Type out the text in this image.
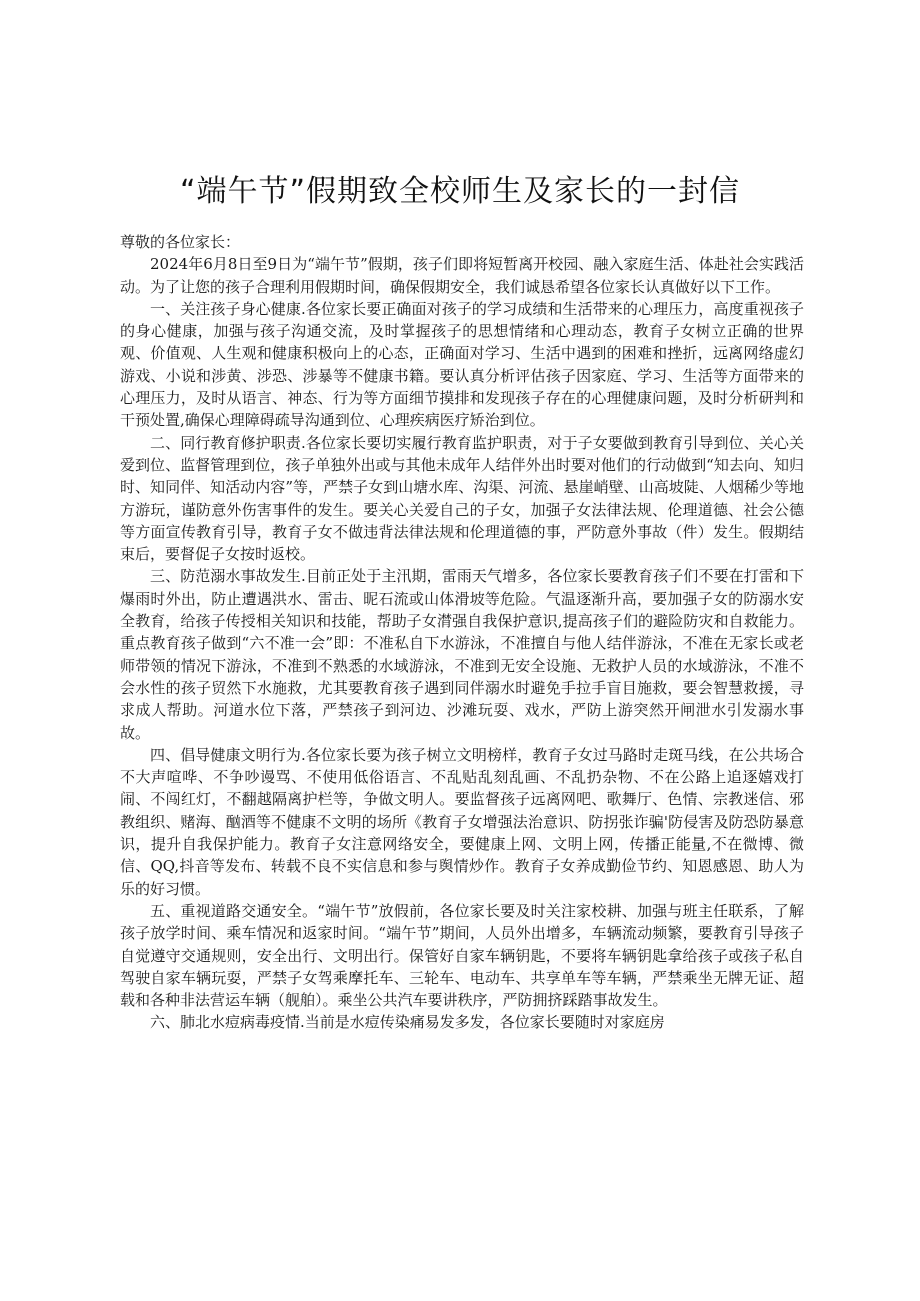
“端午节”假期致全校师生及家长的一封信

尊敬的各位家长：

2024年6月8日至9日为“端午节”假期，孩子们即将短暂离开校园、融入家庭生活、体赴社会实践活动。为了让您的孩子合理利用假期时间，确保假期安全，我们诚恳希望各位家长认真做好以下工作。

一、关注孩子身心健康.各位家长要正确面对孩子的学习成绩和生活带来的心理压力，高度重视孩子的身心健康，加强与孩子沟通交流，及时掌握孩子的思想情绪和心理动态，教育子女树立正确的世界观、价值观、人生观和健康积极向上的心态，正确面对学习、生活中遇到的困难和挫折，远离网络虚幻游戏、小说和涉黄、涉恐、涉暴等不健康书籍。要认真分析评估孩子因家庭、学习、生活等方面带来的心理压力，及时从语言、神态、行为等方面细节摸排和发现孩子存在的心理健康问题，及时分析研判和干预处置,确保心理障碍疏导沟通到位、心理疾病医疗矫治到位。

二、同行教育修护职责.各位家长要切实履行教育监护职责，对于子女要做到教育引导到位、关心关爱到位、监督管理到位，孩子单独外出或与其他未成年人结伴外出时要对他们的行动做到“知去向、知归时、知同伴、知活动内容”等，严禁子女到山塘水库、沟渠、河流、悬崖峭壁、山高坡陡、人烟稀少等地方游玩，谨防意外伤害事件的发生。要关心关爱自己的子女，加强子女法律法规、伦理道德、社会公德等方面宣传教育引导，教育子女不做违背法律法规和伦理道德的事，严防意外事故（件）发生。假期结束后，要督促子女按时返校。

三、防范溺水事故发生.目前正处于主汛期，雷雨天气增多，各位家长要教育孩子们不要在打雷和下爆雨时外出，防止遭遇洪水、雷击、昵石流或山体滑坡等危险。气温逐渐升高，要加强子女的防溺水安全教育，给孩子传授相关知识和技能，帮助子女潸强自我保护意识,提高孩子们的避险防灾和自救能力。重点教育孩子做到“六不准一会”即：不准私自下水游泳，不准擅自与他人结伴游泳，不准在无家长或老师带领的情况下游泳，不准到不熟悉的水域游泳，不准到无安全设施、无救护人员的水域游泳，不准不会水性的孩子贸然下水施救，尤其要教育孩子遇到同伴溺水时避免手拉手盲目施救，要会智慧救援，寻求成人帮助。河道水位下落，严禁孩子到河边、沙滩玩耍、戏水，严防上游突然开闸泄水引发溺水事故。

四、倡导健康文明行为.各位家长要为孩子树立文明榜样，教育子女过马路时走斑马线，在公共场合不大声喧哗、不争吵谩骂、不使用低俗语言、不乱贴乱刻乱画、不乱扔杂物、不在公路上追逐嬉戏打闹、不闯红灯，不翻越隔离护栏等，争做文明人。要监督孩子远离网吧、歌舞厅、色情、宗教迷信、邪教组织、赌海、酗酒等不健康不文明的场所《教育子女增强法治意识、防拐张诈骗'防侵害及防恐防暴意识，提升自我保护能力。教育子女注意网络安全，要健康上网、文明上网，传播正能量,不在微博、微信、QQ,抖音等发布、转载不良不实信息和参与舆情炒作。教育子女养成勤俭节约、知恩感恩、助人为乐的好习惯。

五、重视道路交通安全。“端午节”放假前，各位家长要及时关注家校耕、加强与班主任联系，了解孩子放学时间、乘车情况和返家时间。“端午节”期间，人员外出增多，车辆流动频繁，要教育引导孩子自觉遵守交通规则，安全出行、文明出行。保管好自家车辆钥匙，不要将车辆钥匙拿给孩子或孩子私自驾驶自家车辆玩耍，严禁子女驾乘摩托车、三轮车、电动车、共享单车等车辆，严禁乘坐无牌无证、超载和各种非法营运车辆（舰舶）。乘坐公共汽车要讲秩序，严防拥挤踩踏事故发生。

六、肺北水痘病毒疫情.当前是水痘传染痛易发多发，各位家长要随时对家庭房
